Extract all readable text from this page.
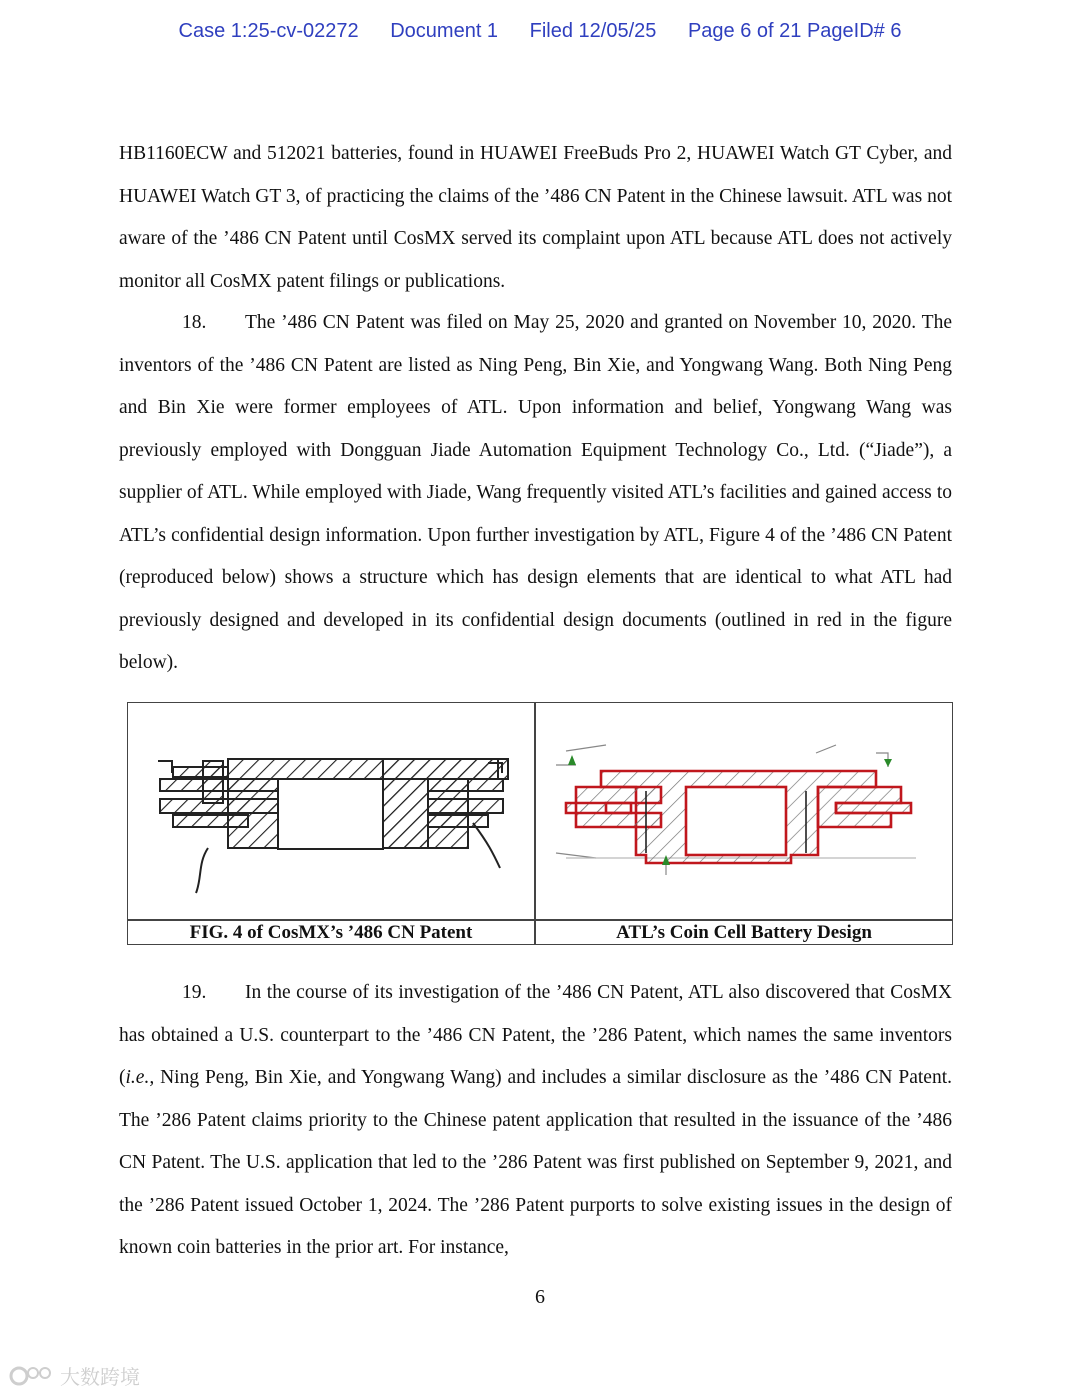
Case 1:25-cv-02272 Document 1 Filed 12/05/25 Page 6 of 21 PageID# 6

HB1160ECW and 512021 batteries, found in HUAWEI FreeBuds Pro 2, HUAWEI Watch GT Cyber, and HUAWEI Watch GT 3, of practicing the claims of the ’486 CN Patent in the Chinese lawsuit. ATL was not aware of the ’486 CN Patent until CosMX served its complaint upon ATL because ATL does not actively monitor all CosMX patent filings or publications.

18. The ’486 CN Patent was filed on May 25, 2020 and granted on November 10, 2020. The inventors of the ’486 CN Patent are listed as Ning Peng, Bin Xie, and Yongwang Wang. Both Ning Peng and Bin Xie were former employees of ATL. Upon information and belief, Yongwang Wang was previously employed with Dongguan Jiade Automation Equipment Technology Co., Ltd. (“Jiade”), a supplier of ATL. While employed with Jiade, Wang frequently visited ATL’s facilities and gained access to ATL’s confidential design information. Upon further investigation by ATL, Figure 4 of the ’486 CN Patent (reproduced below) shows a structure which has design elements that are identical to what ATL had previously designed and developed in its confidential design documents (outlined in red in the figure below).

FIG. 4 of CosMX’s ’486 CN Patent	ATL’s Coin Cell Battery Design

19. In the course of its investigation of the ’486 CN Patent, ATL also discovered that CosMX has obtained a U.S. counterpart to the ’486 CN Patent, the ’286 Patent, which names the same inventors (i.e., Ning Peng, Bin Xie, and Yongwang Wang) and includes a similar disclosure as the ’486 CN Patent. The ’286 Patent claims priority to the Chinese patent application that resulted in the issuance of the ’486 CN Patent. The U.S. application that led to the ’286 Patent was first published on September 9, 2021, and the ’286 Patent issued October 1, 2024. The ’286 Patent purports to solve existing issues in the design of known coin batteries in the prior art. For instance,

6
大数跨境
